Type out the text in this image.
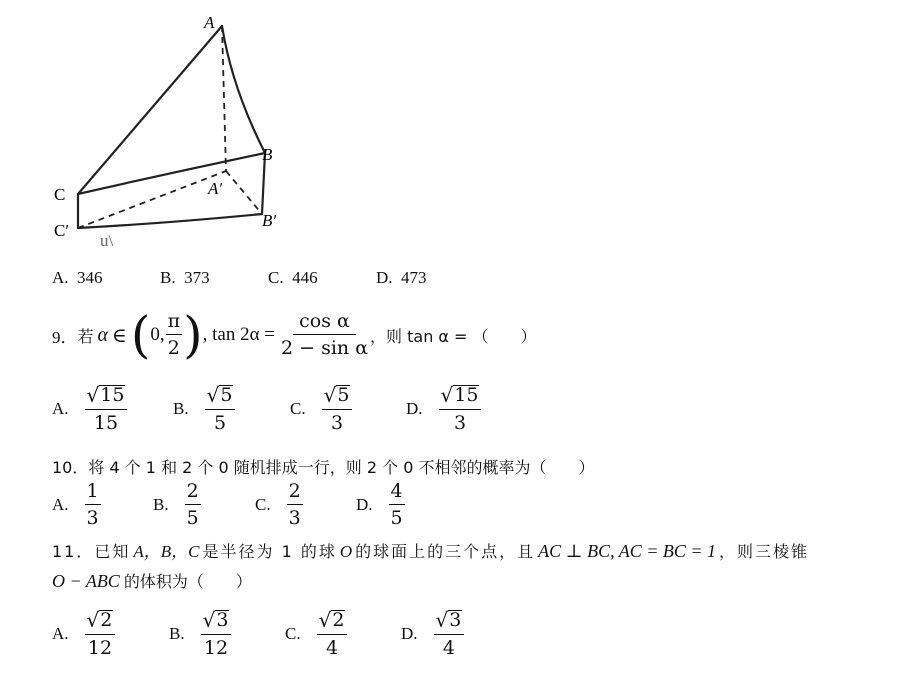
A
B
C	A′
B′
C′
u\
A. 346	B. 373	C. 446	D. 473
9． 若 α ∈ ( 0, $\frac{\pi}{2}$ ) , $\tan 2\alpha = \frac{\text{cos α}}{\text{2 − sin α}}$ ，则 tan α = （　　）
A. $\frac{√ 15}{15}$	B. $\frac{√ 5}{5}$	C. $\frac{√ 5}{3}$	D. $\frac{√ 15}{3}$
10．将 4 个 1 和 2 个 0 随机排成一行，则 2 个 0 不相邻的概率为（　　）
A. $\frac{1}{3}$	B. $\frac{2}{5}$	C. $\frac{2}{3}$	D. $\frac{4}{5}$
11．已知 A，B，C 是半径为 1 的球 O 的球面上的三个点，且 AC ⊥ BC, AC = BC = 1 ，则三棱锥
O − ABC 的体积为（　　）
A. $\frac{√ 2}{12}$	B. $\frac{√ 3}{12}$	C. $\frac{√ 2}{4}$	D. $\frac{√ 3}{4}$
